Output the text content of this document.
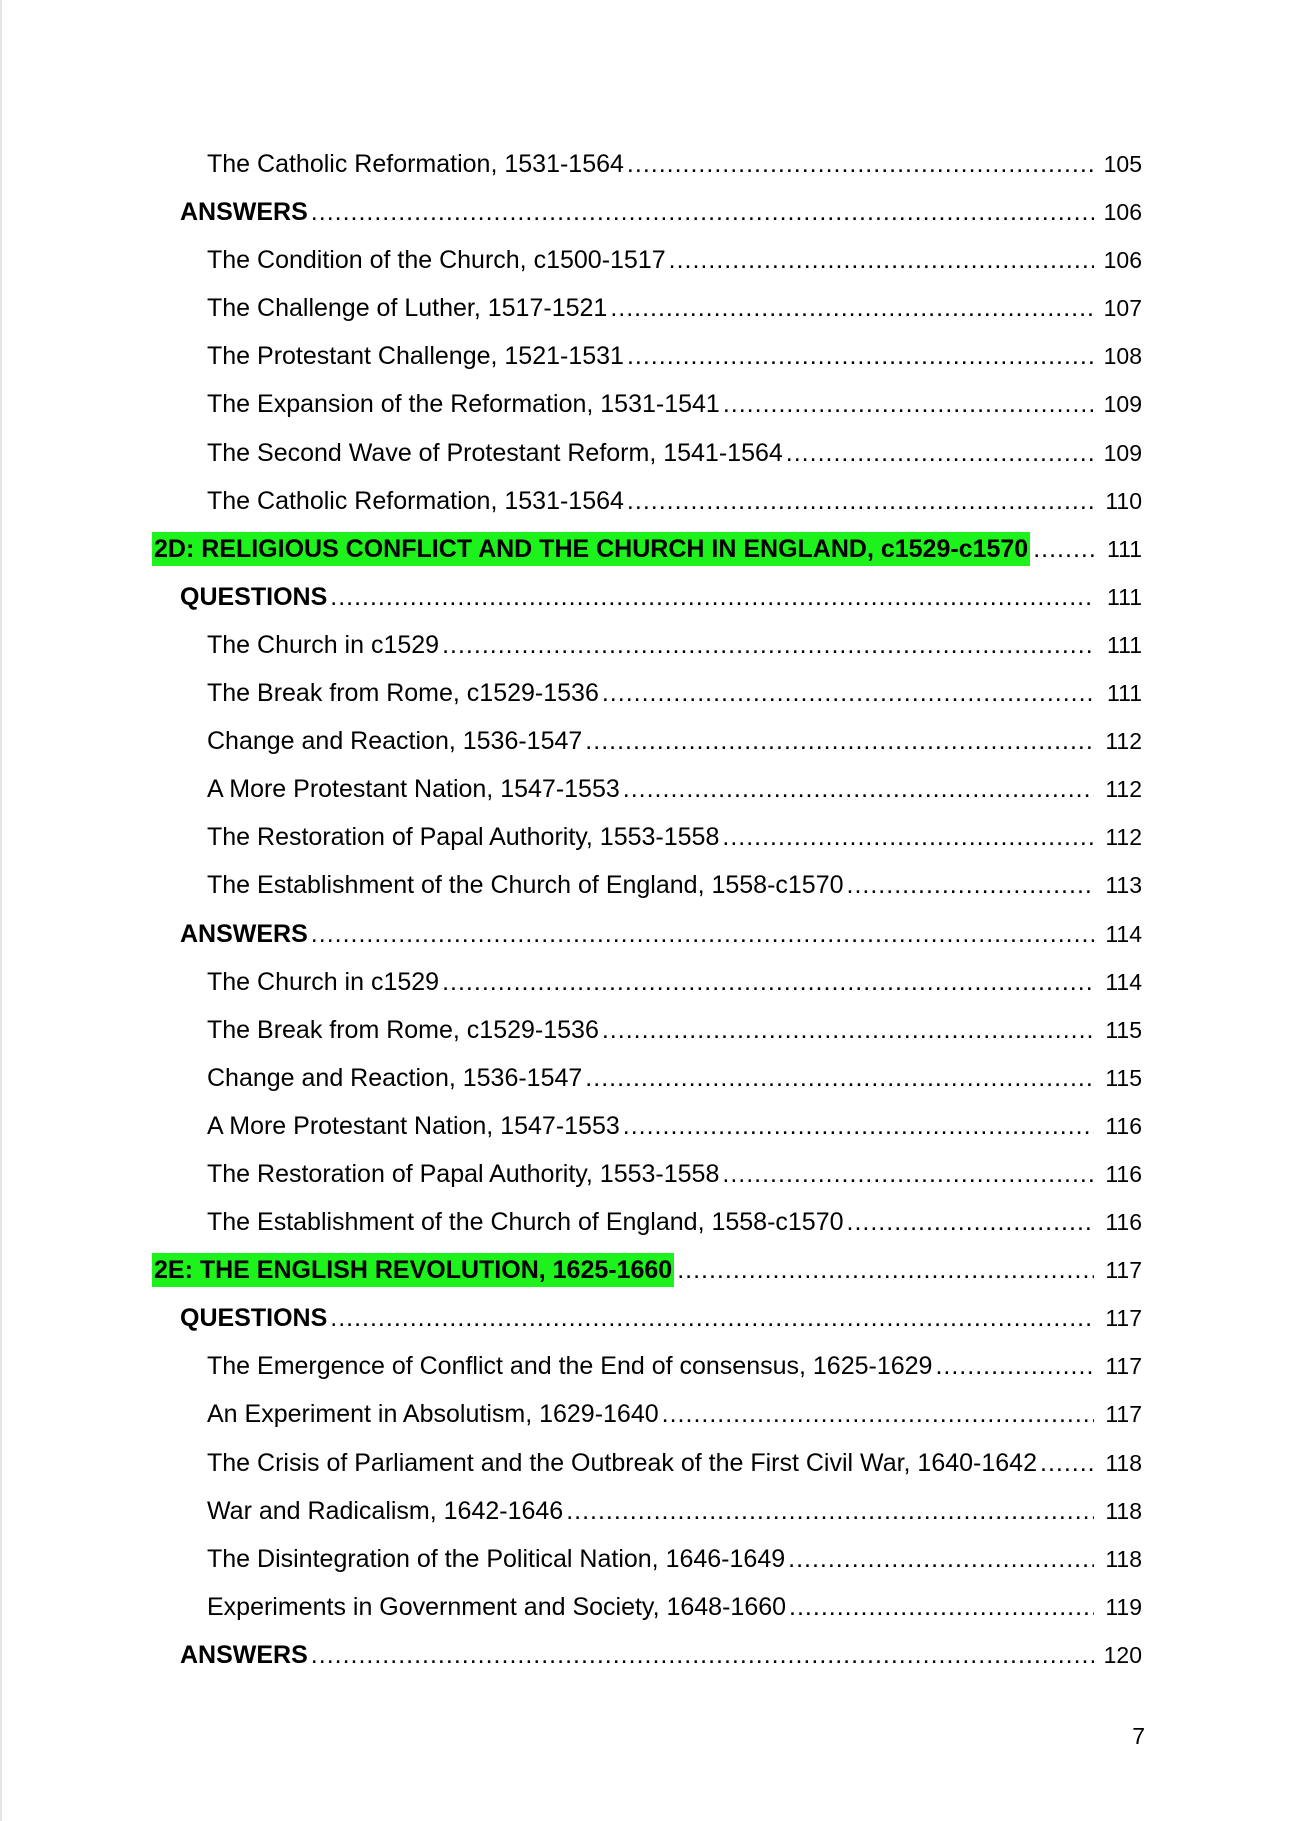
The Catholic Reformation, 1531-1564 .....	105
ANSWERS .....	106
The Condition of the Church, c1500-1517 .....	106
The Challenge of Luther, 1517-1521 .....	107
The Protestant Challenge, 1521-1531 .....	108
The Expansion of the Reformation, 1531-1541 .....	109
The Second Wave of Protestant Reform, 1541-1564 .....	109
The Catholic Reformation, 1531-1564 .....	110
2D: RELIGIOUS CONFLICT AND THE CHURCH IN ENGLAND, c1529-c1570 .....	111
QUESTIONS .....	111
The Church in c1529 .....	111
The Break from Rome, c1529-1536 .....	111
Change and Reaction, 1536-1547 .....	112
A More Protestant Nation, 1547-1553 .....	112
The Restoration of Papal Authority, 1553-1558 .....	112
The Establishment of the Church of England, 1558-c1570 .....	113
ANSWERS .....	114
The Church in c1529 .....	114
The Break from Rome, c1529-1536 .....	115
Change and Reaction, 1536-1547 .....	115
A More Protestant Nation, 1547-1553 .....	116
The Restoration of Papal Authority, 1553-1558 .....	116
The Establishment of the Church of England, 1558-c1570 .....	116
2E: THE ENGLISH REVOLUTION, 1625-1660 .....	117
QUESTIONS .....	117
The Emergence of Conflict and the End of consensus, 1625-1629 .....	117
An Experiment in Absolutism, 1629-1640 .....	117
The Crisis of Parliament and the Outbreak of the First Civil War, 1640-1642 .....	118
War and Radicalism, 1642-1646 .....	118
The Disintegration of the Political Nation, 1646-1649 .....	118
Experiments in Government and Society, 1648-1660 .....	119
ANSWERS .....	120
7
